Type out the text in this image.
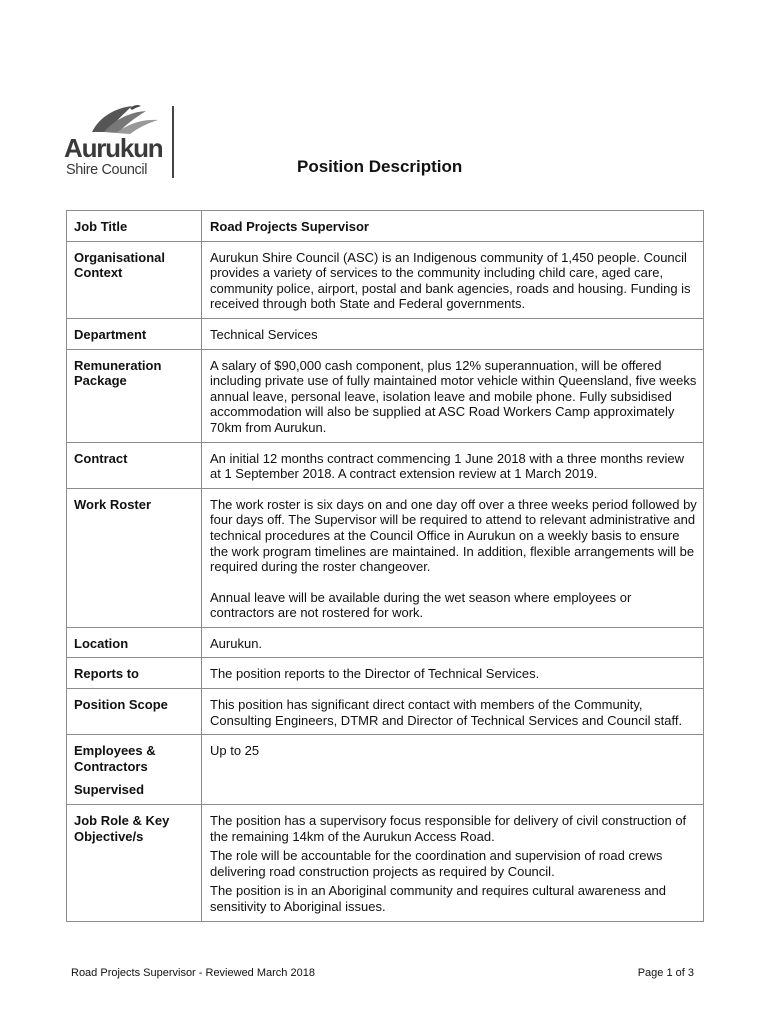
Aurukun
Shire Council	Position Description
Job Title	Road Projects Supervisor

Organisational Context	Aurukun Shire Council (ASC) is an Indigenous community of 1,450 people. Council provides a variety of services to the community including child care, aged care, community police, airport, postal and bank agencies, roads and housing. Funding is received through both State and Federal governments.

Department	Technical Services

Remuneration Package	A salary of $90,000 cash component, plus 12% superannuation, will be offered including private use of fully maintained motor vehicle within Queensland, five weeks annual leave, personal leave, isolation leave and mobile phone. Fully subsidised accommodation will also be supplied at ASC Road Workers Camp approximately 70km from Aurukun.

Contract	An initial 12 months contract commencing 1 June 2018 with a three months review at 1 September 2018. A contract extension review at 1 March 2019.

Work Roster	The work roster is six days on and one day off over a three weeks period followed by four days off. The Supervisor will be required to attend to relevant administrative and technical procedures at the Council Office in Aurukun on a weekly basis to ensure the work program timelines are maintained. In addition, flexible arrangements will be required during the roster changeover.

Annual leave will be available during the wet season where employees or contractors are not rostered for work.

Location	Aurukun.

Reports to	The position reports to the Director of Technical Services.

Position Scope	This position has significant direct contact with members of the Community, Consulting Engineers, DTMR and Director of Technical Services and Council staff.

Employees & Contractors
Supervised	Up to 25

Job Role & Key Objective/s	The position has a supervisory focus responsible for delivery of civil construction of the remaining 14km of the Aurukun Access Road.

The role will be accountable for the coordination and supervision of road crews delivering road construction projects as required by Council.

The position is in an Aboriginal community and requires cultural awareness and sensitivity to Aboriginal issues.

Road Projects Supervisor - Reviewed March 2018	Page 1 of 3
